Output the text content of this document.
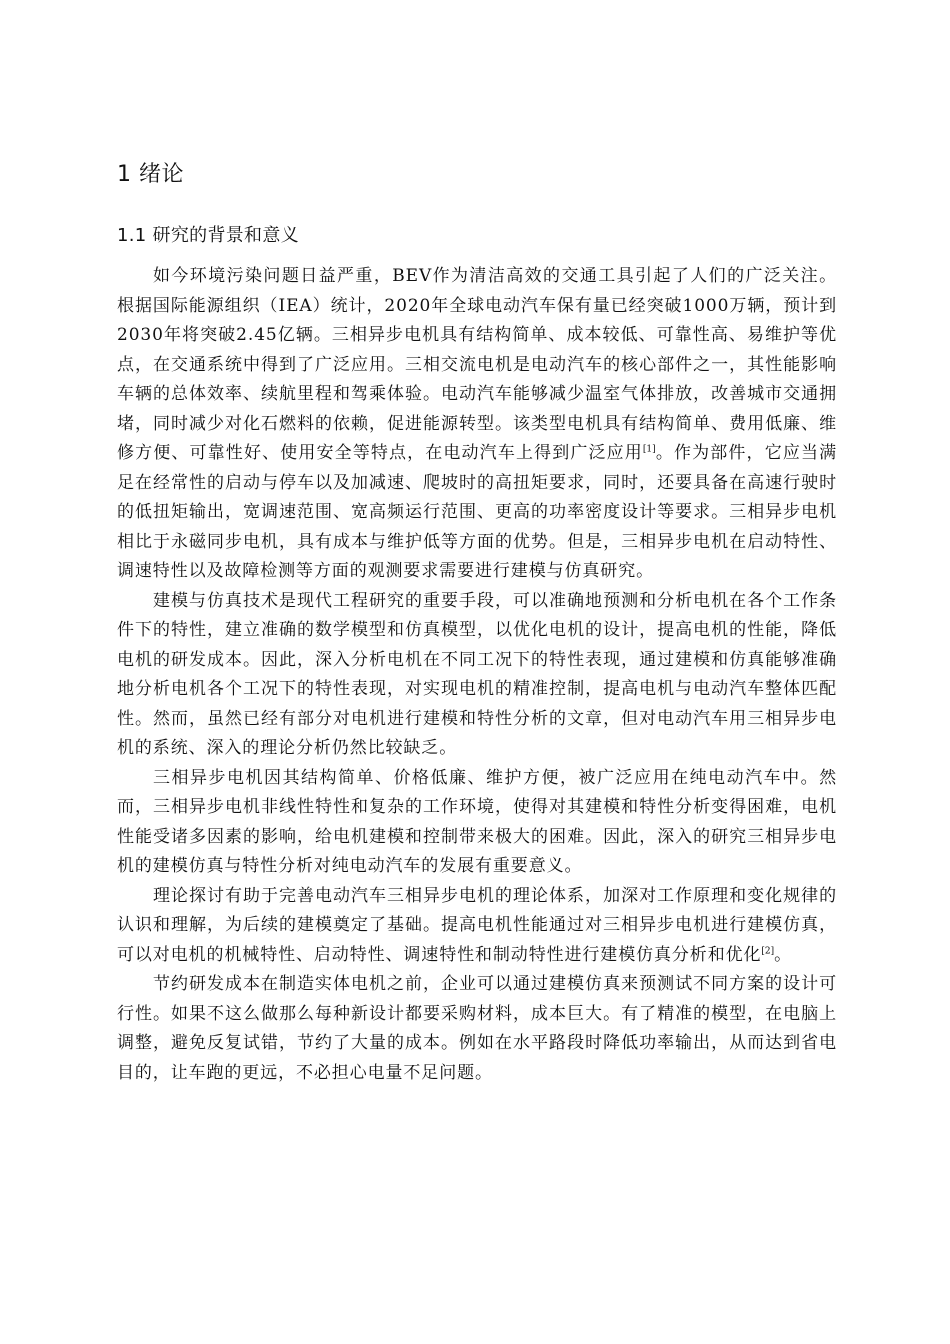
1 绪论
1.1 研究的背景和意义

如今环境污染问题日益严重，BEV作为清洁高效的交通工具引起了人们的广泛关注。根据国际能源组织（IEA）统计，2020年全球电动汽车保有量已经突破1000万辆，预计到2030年将突破2.45亿辆。三相异步电机具有结构简单、成本较低、可靠性高、易维护等优点，在交通系统中得到了广泛应用。三相交流电机是电动汽车的核心部件之一，其性能影响车辆的总体效率、续航里程和驾乘体验。电动汽车能够减少温室气体排放，改善城市交通拥堵，同时减少对化石燃料的依赖，促进能源转型。该类型电机具有结构简单、费用低廉、维修方便、可靠性好、使用安全等特点，在电动汽车上得到广泛应用[1]。作为部件，它应当满足在经常性的启动与停车以及加减速、爬坡时的高扭矩要求，同时，还要具备在高速行驶时的低扭矩输出，宽调速范围、宽高频运行范围、更高的功率密度设计等要求。三相异步电机相比于永磁同步电机，具有成本与维护低等方面的优势。但是，三相异步电机在启动特性、调速特性以及故障检测等方面的观测要求需要进行建模与仿真研究。

建模与仿真技术是现代工程研究的重要手段，可以准确地预测和分析电机在各个工作条件下的特性，建立准确的数学模型和仿真模型，以优化电机的设计，提高电机的性能，降低电机的研发成本。因此，深入分析电机在不同工况下的特性表现，通过建模和仿真能够准确地分析电机各个工况下的特性表现，对实现电机的精准控制，提高电机与电动汽车整体匹配性。然而，虽然已经有部分对电机进行建模和特性分析的文章，但对电动汽车用三相异步电机的系统、深入的理论分析仍然比较缺乏。

三相异步电机因其结构简单、价格低廉、维护方便，被广泛应用在纯电动汽车中。然而，三相异步电机非线性特性和复杂的工作环境，使得对其建模和特性分析变得困难，电机性能受诸多因素的影响，给电机建模和控制带来极大的困难。因此，深入的研究三相异步电机的建模仿真与特性分析对纯电动汽车的发展有重要意义。

理论探讨有助于完善电动汽车三相异步电机的理论体系，加深对工作原理和变化规律的认识和理解，为后续的建模奠定了基础。提高电机性能通过对三相异步电机进行建模仿真，可以对电机的机械特性、启动特性、调速特性和制动特性进行建模仿真分析和优化[2]。

节约研发成本在制造实体电机之前，企业可以通过建模仿真来预测试不同方案的设计可行性。如果不这么做那么每种新设计都要采购材料，成本巨大。有了精准的模型，在电脑上调整，避免反复试错，节约了大量的成本。例如在水平路段时降低功率输出，从而达到省电目的，让车跑的更远，不必担心电量不足问题。
